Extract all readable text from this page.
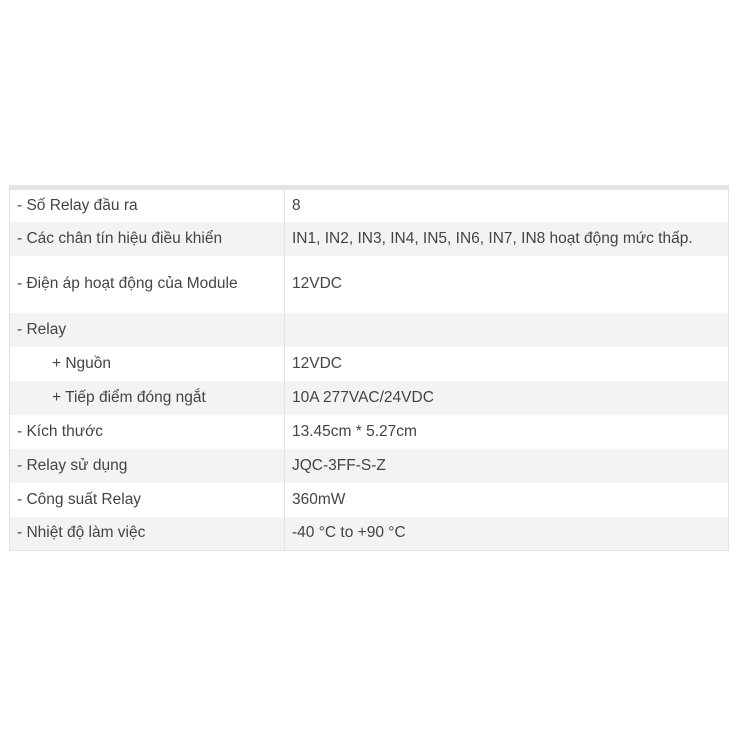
- Số Relay đầu ra	8
- Các chân tín hiệu điều khiển	IN1, IN2, IN3, IN4, IN5, IN6, IN7, IN8 hoạt động mức thấp.
- Điện áp hoạt động của Module	12VDC
- Relay	
+ Nguồn	12VDC
+ Tiếp điểm đóng ngắt	10A 277VAC/24VDC
- Kích thước	13.45cm * 5.27cm
- Relay sử dụng	JQC-3FF-S-Z
- Công suất Relay	360mW
- Nhiệt độ làm việc	-40 °C to +90 °C
